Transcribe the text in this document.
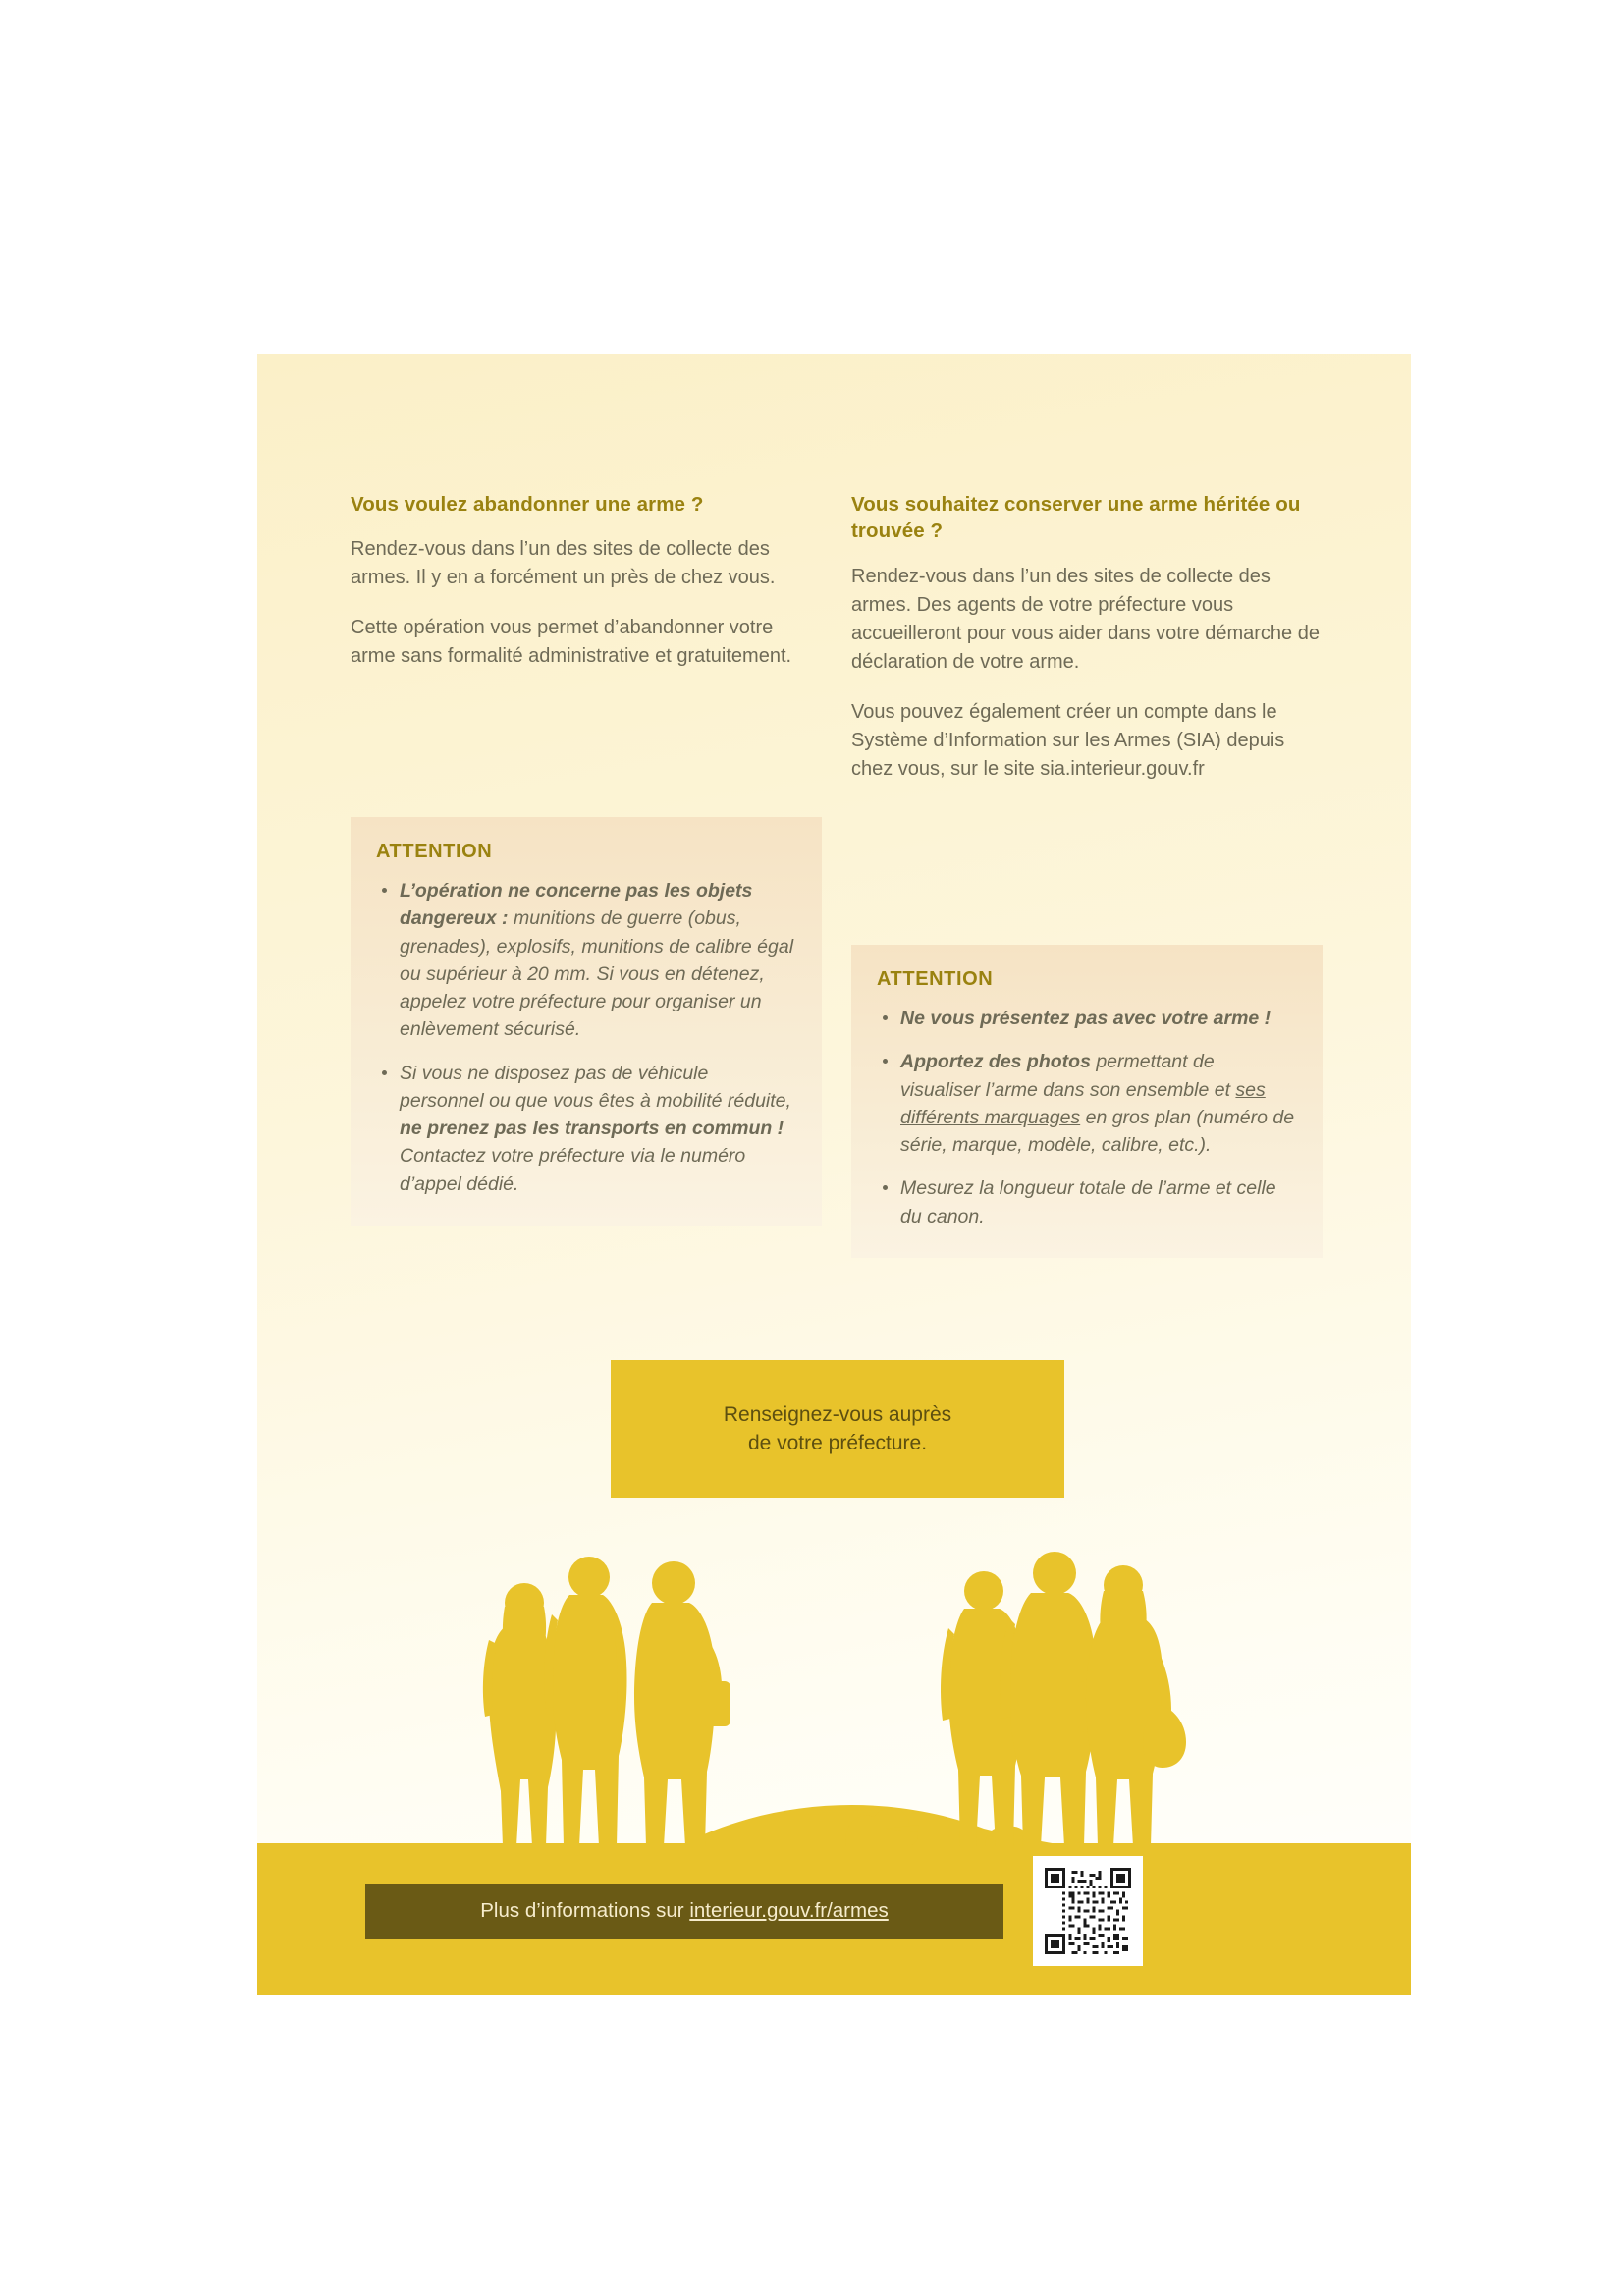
Vous voulez abandonner une arme ?

Rendez-vous dans l’un des sites de collecte des armes. Il y en a forcément un près de chez vous.

Cette opération vous permet d’abandonner votre arme sans formalité administrative et gratuitement.

ATTENTION
L’opération ne concerne pas les objets dangereux : munitions de guerre (obus, grenades), explosifs, munitions de calibre égal ou supérieur à 20 mm. Si vous en détenez, appelez votre préfecture pour organiser un enlèvement sécurisé.
Si vous ne disposez pas de véhicule personnel ou que vous êtes à mobilité réduite, ne prenez pas les transports en commun ! Contactez votre préfecture via le numéro d’appel dédié.
Vous souhaitez conserver une arme héritée ou trouvée ?

Rendez-vous dans l’un des sites de collecte des armes. Des agents de votre préfecture vous accueilleront pour vous aider dans votre démarche de déclaration de votre arme.

Vous pouvez également créer un compte dans le Système d’Information sur les Armes (SIA) depuis chez vous, sur le site sia.interieur.gouv.fr

ATTENTION
Ne vous présentez pas avec votre arme !
Apportez des photos permettant de visualiser l’arme dans son ensemble et ses différents marquages en gros plan (numéro de série, marque, modèle, calibre, etc.).
Mesurez la longueur totale de l’arme et celle du canon.
Renseignez-vous auprès
de votre préfecture.
Plus d’informations sur interieur.gouv.fr/armes
